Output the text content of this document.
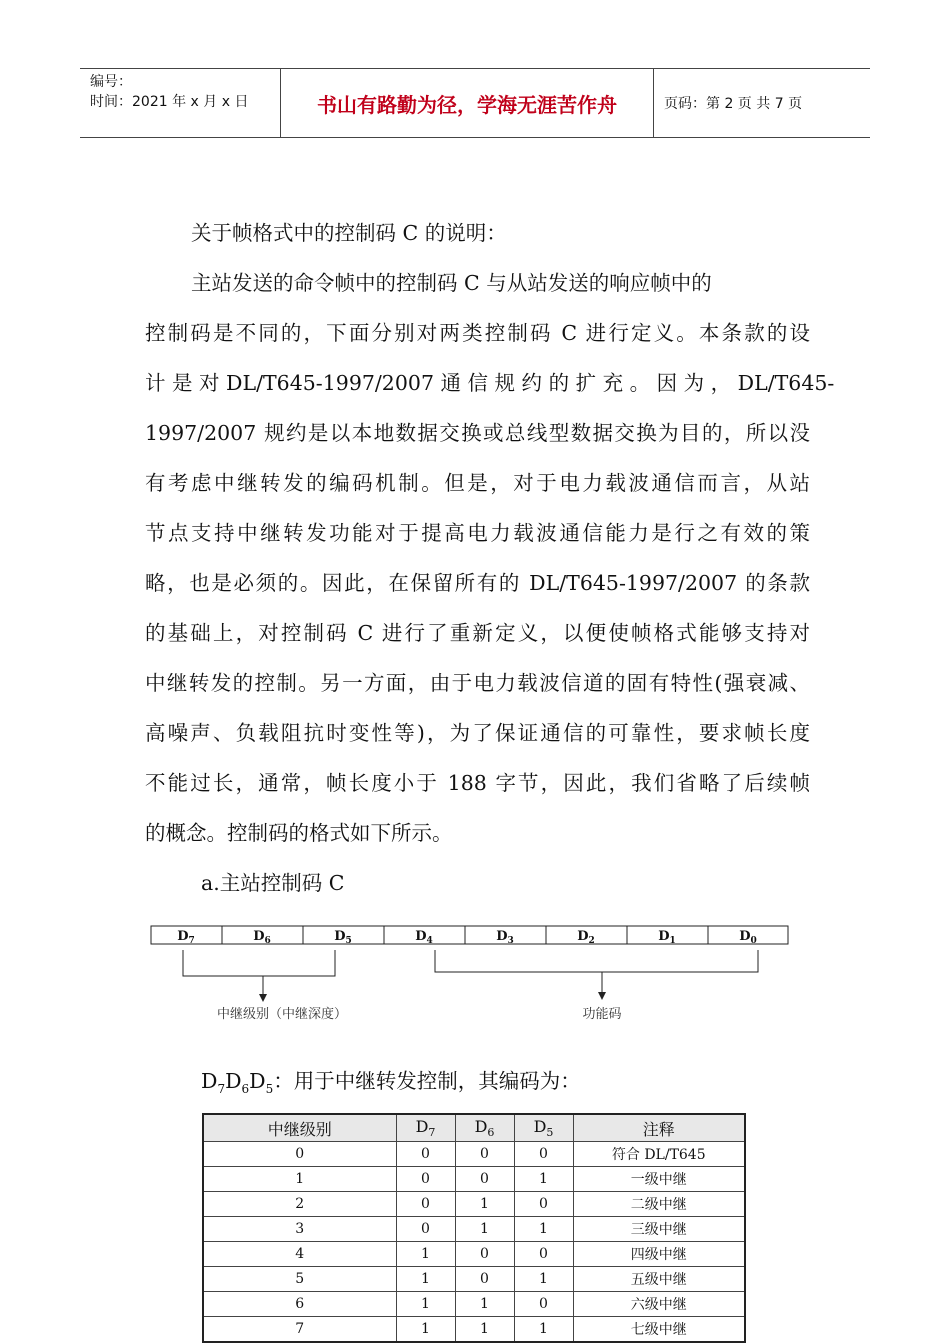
编号：
时间：2021 年 x 月 x 日	书山有路勤为径，学海无涯苦作舟	页码：第 2 页 共 7 页
关于帧格式中的控制码 C 的说明：
主站发送的命令帧中的控制码 C 与从站发送的响应帧中的
控制码是不同的，下面分别对两类控制码 C 进行定义。本条款的设
计 是 对 DL/T645-1997/2007 通 信 规 约 的 扩 充 。 因 为 ， DL/T645-
1997/2007 规约是以本地数据交换或总线型数据交换为目的，所以没
有考虑中继转发的编码机制。但是，对于电力载波通信而言，从站
节点支持中继转发功能对于提高电力载波通信能力是行之有效的策
略，也是必须的。因此，在保留所有的 DL/T645-1997/2007 的条款
的基础上，对控制码 C 进行了重新定义，以便使帧格式能够支持对
中继转发的控制。另一方面，由于电力载波信道的固有特性(强衰减、
高噪声、负载阻抗时变性等)，为了保证通信的可靠性，要求帧长度
不能过长，通常，帧长度小于 188 字节，因此，我们省略了后续帧
的概念。控制码的格式如下所示。
a.主站控制码 C
$D_7$	$D_6$	$D_5$	$D_4$	$D_3$	$D_2$	$D_1$	$D_0$
中继级别（中继深度）	功能码
$D_7D_6D_5$：用于中继转发控制，其编码为：
中继级别	$D_7$	$D_6$	$D_5$	注释
0	0	0	0	符合 DL/T645
1	0	0	1	一级中继
2	0	1	0	二级中继
3	0	1	1	三级中继
4	1	0	0	四级中继
5	1	0	1	五级中继
6	1	1	0	六级中继
7	1	1	1	七级中继
